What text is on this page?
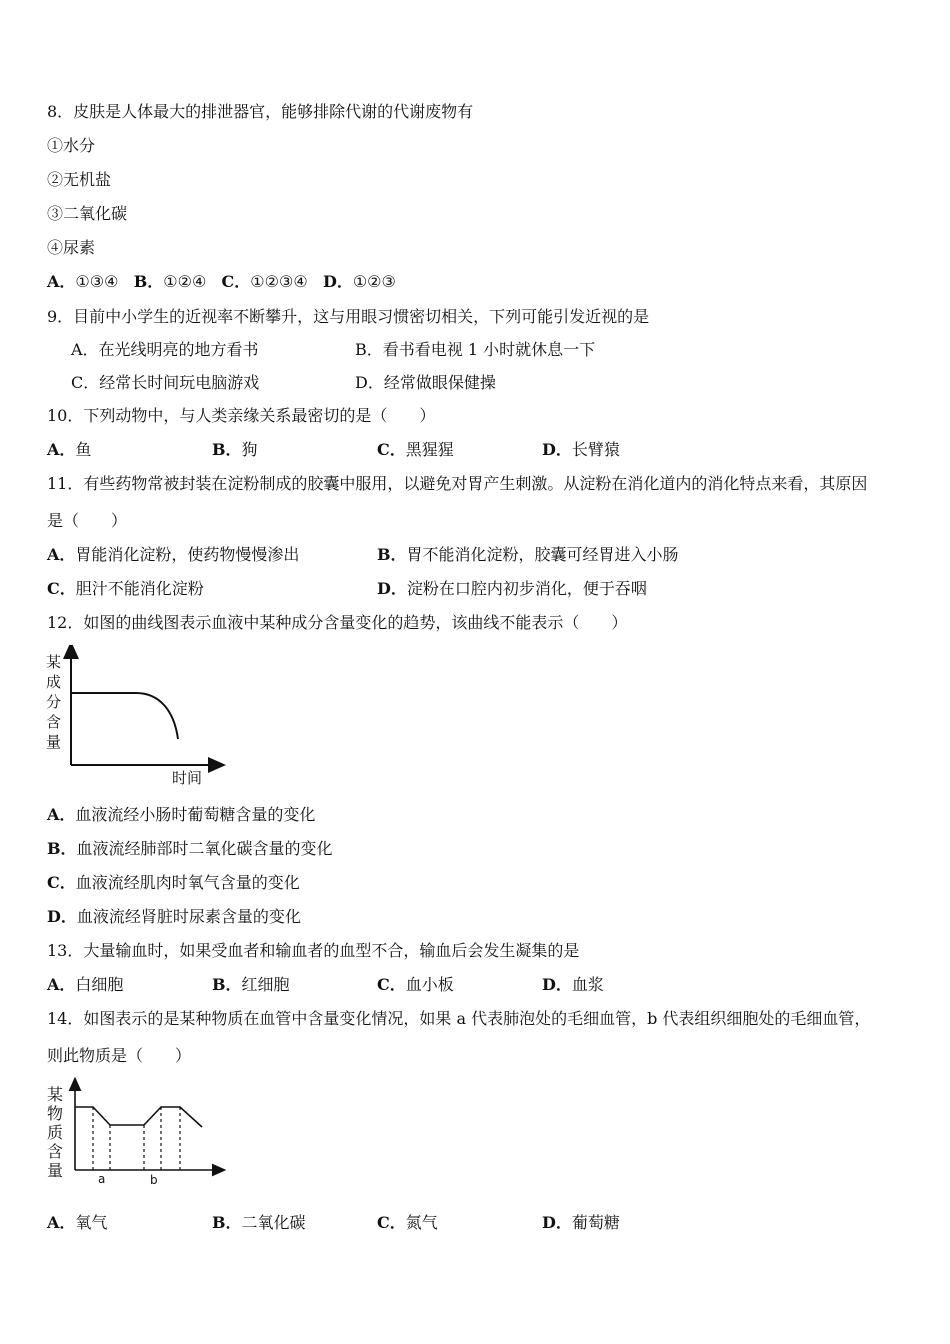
8．皮肤是人体最大的排泄器官，能够排除代谢的代谢废物有
①水分
②无机盐
③二氧化碳
④尿素
A．①③④ B．①②④ C．①②③④ D．①②③
9．目前中小学生的近视率不断攀升，这与用眼习惯密切相关，下列可能引发近视的是
A．在光线明亮的地方看书	B．看书看电视 1 小时就休息一下
C．经常长时间玩电脑游戏	D．经常做眼保健操
10．下列动物中，与人类亲缘关系最密切的是（　　）
A．鱼	B．狗	C．黑猩猩	D．长臂猿
11．有些药物常被封装在淀粉制成的胶囊中服用，以避免对胃产生刺激。从淀粉在消化道内的消化特点来看，其原因
是（　　）
A．胃能消化淀粉，使药物慢慢渗出	B．胃不能消化淀粉，胶囊可经胃进入小肠
C．胆汁不能消化淀粉	D．淀粉在口腔内初步消化，便于吞咽
12．如图的曲线图表示血液中某种成分含量变化的趋势，该曲线不能表示（　　）
某
成
分
含
量
时间
A．血液流经小肠时葡萄糖含量的变化
B．血液流经肺部时二氧化碳含量的变化
C．血液流经肌肉时氧气含量的变化
D．血液流经肾脏时尿素含量的变化
13．大量输血时，如果受血者和输血者的血型不合，输血后会发生凝集的是
A．白细胞	B．红细胞	C．血小板	D．血浆
14．如图表示的是某种物质在血管中含量变化情况，如果 a 代表肺泡处的毛细血管，b 代表组织细胞处的毛细血管，
则此物质是（　　）
某
物
质
含
量	a	b
A．氧气	B．二氧化碳	C．氮气	D．葡萄糖
